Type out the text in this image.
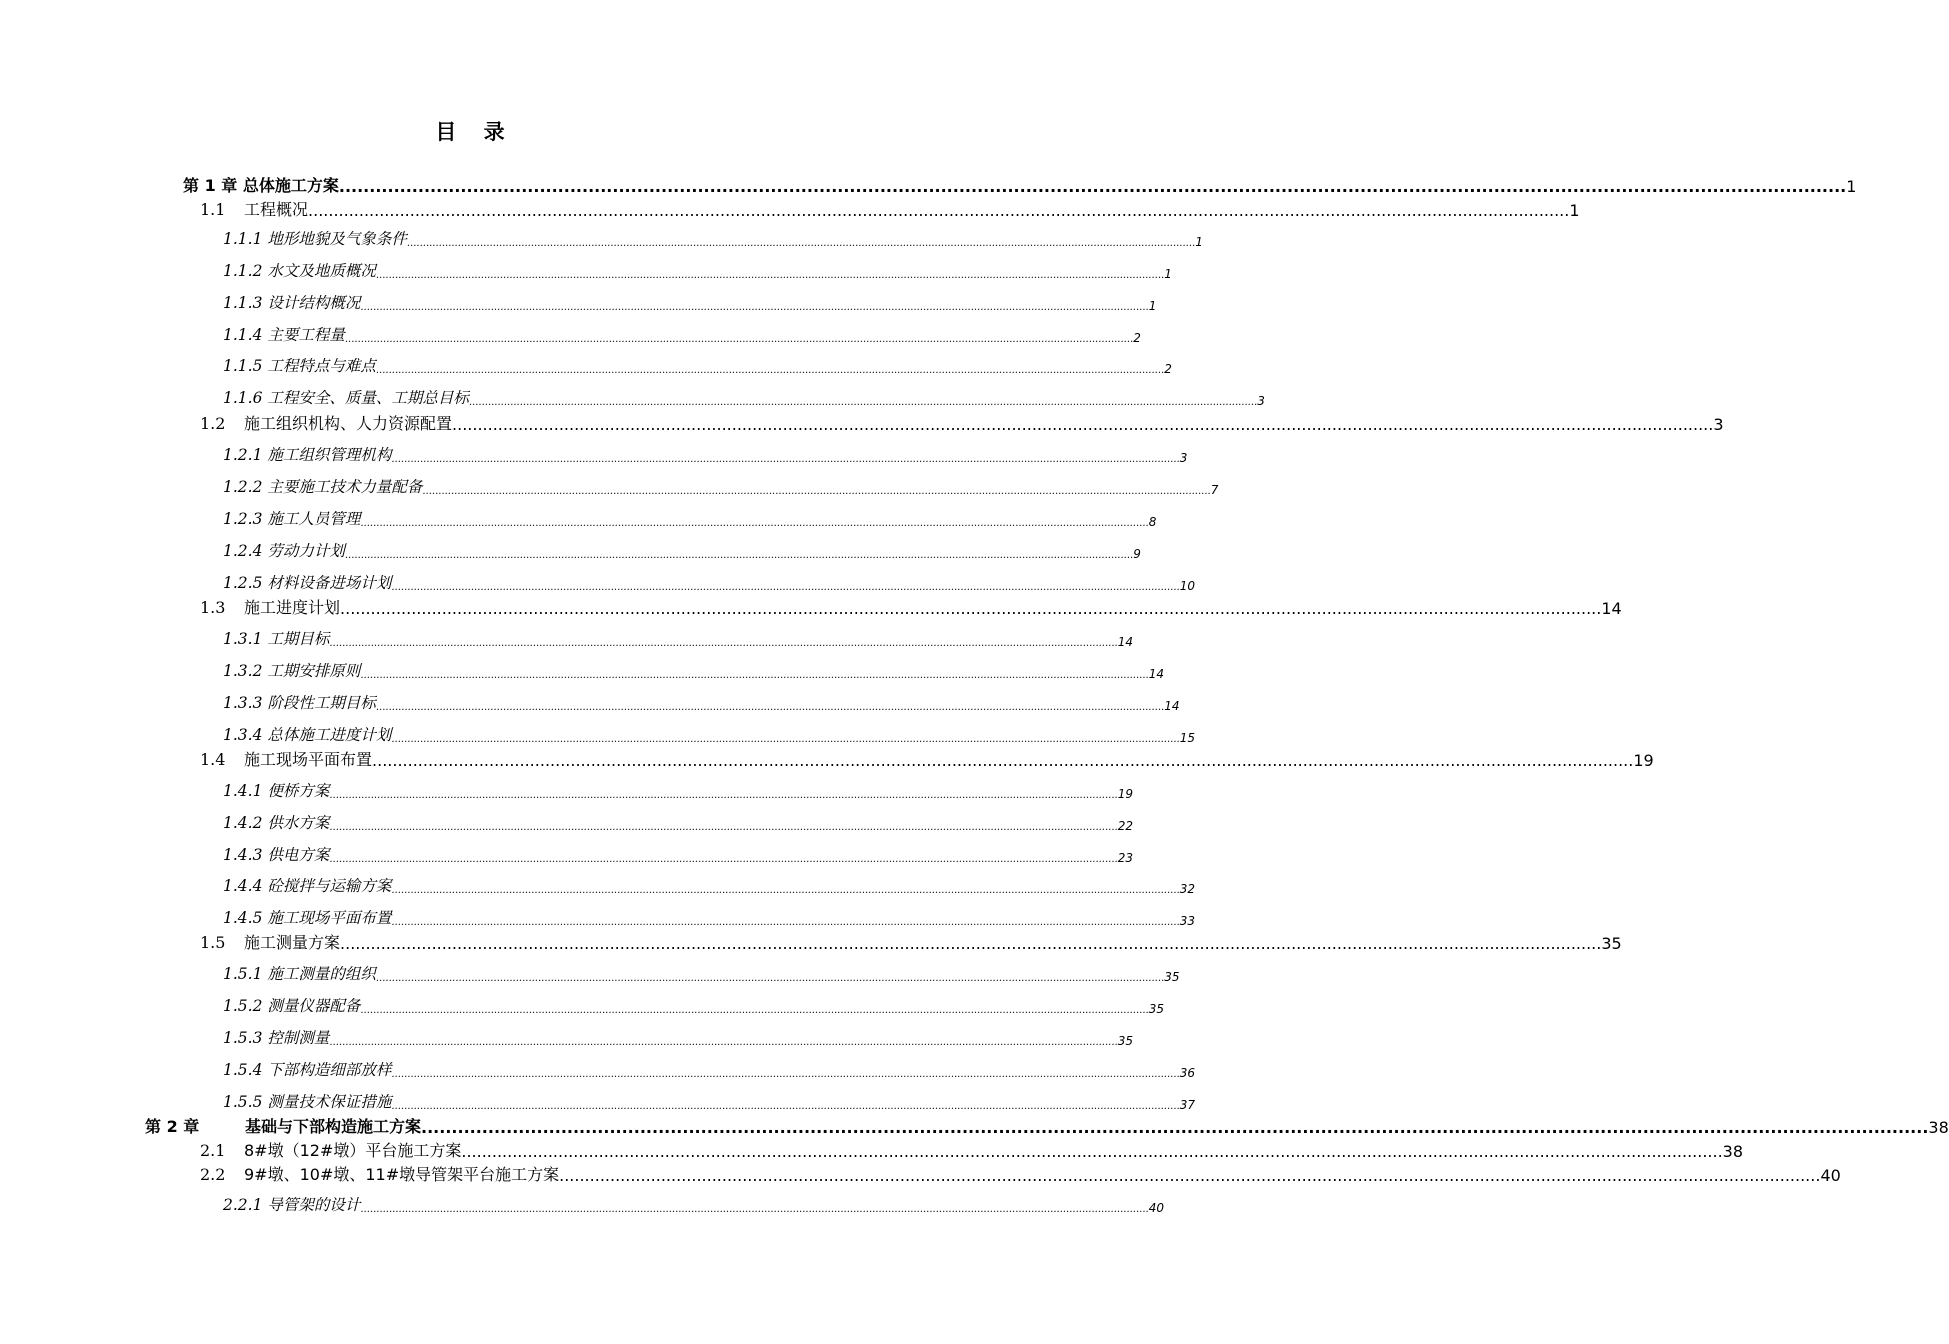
目 录
第 1 章 总体施工方案 ........................................................................................................................................................................................................................................................ 1
1.1 工程概况 ........................................................................................................................................................................................................................................................ 1
1.1.1 地形地貌及气象条件 ........................................................................................................................................................................................................................................................ 1
1.1.2 水文及地质概况 ........................................................................................................................................................................................................................................................ 1
1.1.3 设计结构概况 ........................................................................................................................................................................................................................................................ 1
1.1.4 主要工程量 ........................................................................................................................................................................................................................................................ 2
1.1.5 工程特点与难点 ........................................................................................................................................................................................................................................................ 2
1.1.6 工程安全、质量、工期总目标 ........................................................................................................................................................................................................................................................ 3
1.2 施工组织机构、人力资源配置 ........................................................................................................................................................................................................................................................ 3
1.2.1 施工组织管理机构 ........................................................................................................................................................................................................................................................ 3
1.2.2 主要施工技术力量配备 ........................................................................................................................................................................................................................................................ 7
1.2.3 施工人员管理 ........................................................................................................................................................................................................................................................ 8
1.2.4 劳动力计划 ........................................................................................................................................................................................................................................................ 9
1.2.5 材料设备进场计划 ........................................................................................................................................................................................................................................................ 10
1.3 施工进度计划 ........................................................................................................................................................................................................................................................ 14
1.3.1 工期目标 ........................................................................................................................................................................................................................................................ 14
1.3.2 工期安排原则 ........................................................................................................................................................................................................................................................ 14
1.3.3 阶段性工期目标 ........................................................................................................................................................................................................................................................ 14
1.3.4 总体施工进度计划 ........................................................................................................................................................................................................................................................ 15
1.4 施工现场平面布置 ........................................................................................................................................................................................................................................................ 19
1.4.1 便桥方案 ........................................................................................................................................................................................................................................................ 19
1.4.2 供水方案 ........................................................................................................................................................................................................................................................ 22
1.4.3 供电方案 ........................................................................................................................................................................................................................................................ 23
1.4.4 砼搅拌与运输方案 ........................................................................................................................................................................................................................................................ 32
1.4.5 施工现场平面布置 ........................................................................................................................................................................................................................................................ 33
1.5 施工测量方案 ........................................................................................................................................................................................................................................................ 35
1.5.1 施工测量的组织 ........................................................................................................................................................................................................................................................ 35
1.5.2 测量仪器配备 ........................................................................................................................................................................................................................................................ 35
1.5.3 控制测量 ........................................................................................................................................................................................................................................................ 35
1.5.4 下部构造细部放样 ........................................................................................................................................................................................................................................................ 36
1.5.5 测量技术保证措施 ........................................................................................................................................................................................................................................................ 37
第 2 章	基础与下部构造施工方案 ........................................................................................................................................................................................................................................................ 38
2.1 8#墩（12#墩）平台施工方案 ........................................................................................................................................................................................................................................................ 38
2.2 9#墩、10#墩、11#墩导管架平台施工方案 ........................................................................................................................................................................................................................................................ 40
2.2.1 导管架的设计 ........................................................................................................................................................................................................................................................ 40
